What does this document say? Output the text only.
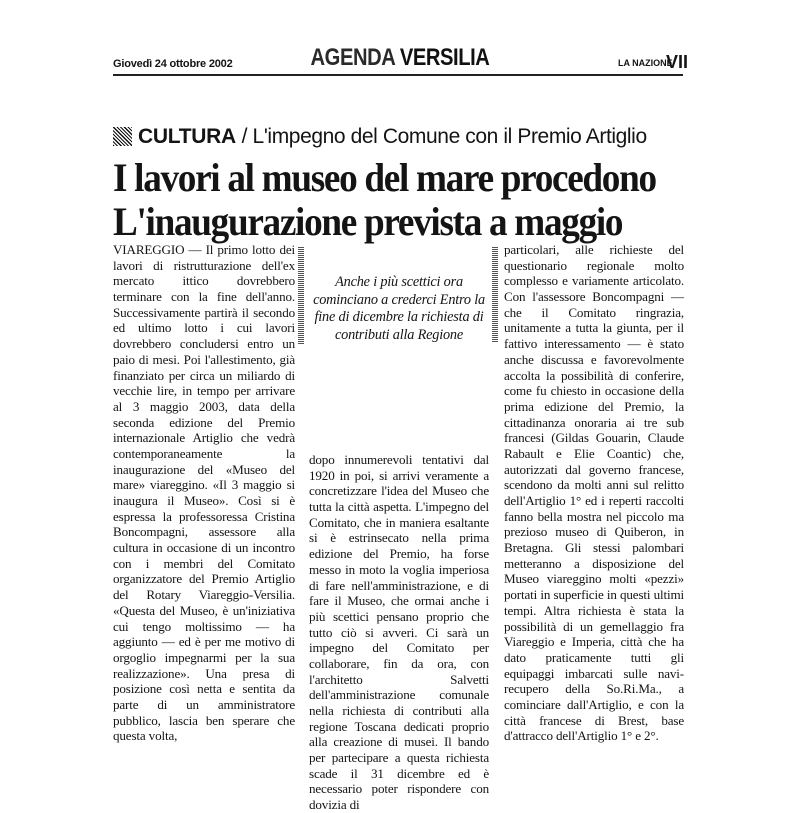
Giovedì 24 ottobre 2002	AGENDA VERSILIA	LA NAZIONE
VII
CULTURA / L'impegno del Comune con il Premio Artiglio
I lavori al museo del mare procedono
L'inaugurazione prevista a maggio

VIAREGGIO — Il primo lotto dei lavori di ristrutturazione dell'ex mercato ittico dovrebbero terminare con la fine dell'anno. Successivamente partirà il secondo ed ultimo lotto i cui lavori dovrebbero concludersi entro un paio di mesi. Poi l'allestimento, già finanziato per circa un miliardo di vecchie lire, in tempo per arrivare al 3 maggio 2003, data della seconda edizione del Premio internazionale Artiglio che vedrà contemporaneamente la inaugurazione del «Museo del mare» viareggino. «Il 3 maggio si inaugura il Museo». Così si è espressa la professoressa Cristina Boncompagni, assessore alla cultura in occasione di un incontro con i membri del Comitato organizzatore del Premio Artiglio del Rotary Viareggio-Versilia. «Questa del Museo, è un'iniziativa cui tengo moltissimo — ha aggiunto — ed è per me motivo di orgoglio impegnarmi per la sua realizzazione». Una presa di posizione così netta e sentita da parte di un amministratore pubblico, lascia ben sperare che questa volta,

Anche i più scettici ora cominciano a crederci Entro la fine di dicembre la richiesta di contributi alla Regione

dopo innumerevoli tentativi dal 1920 in poi, si arrivi veramente a concretizzare l'idea del Museo che tutta la città aspetta. L'impegno del Comitato, che in maniera esaltante si è estrinsecato nella prima edizione del Premio, ha forse messo in moto la voglia imperiosa di fare nell'amministrazione, e di fare il Museo, che ormai anche i più scettici pensano proprio che tutto ciò si avveri. Ci sarà un impegno del Comitato per collaborare, fin da ora, con l'architetto Salvetti dell'amministrazione comunale nella richiesta di contributi alla regione Toscana dedicati proprio alla creazione di musei. Il bando per partecipare a questa richiesta scade il 31 dicembre ed è necessario poter rispondere con dovizia di

particolari, alle richieste del questionario regionale molto complesso e variamente articolato. Con l'assessore Boncompagni — che il Comitato ringrazia, unitamente a tutta la giunta, per il fattivo interessamento — è stato anche discussa e favorevolmente accolta la possibilità di conferire, come fu chiesto in occasione della prima edizione del Premio, la cittadinanza onoraria ai tre sub francesi (Gildas Gouarin, Claude Rabault e Elie Coantic) che, autorizzati dal governo francese, scendono da molti anni sul relitto dell'Artiglio 1° ed i reperti raccolti fanno bella mostra nel piccolo ma prezioso museo di Quiberon, in Bretagna. Gli stessi palombari metteranno a disposizione del Museo viareggino molti «pezzi» portati in superficie in questi ultimi tempi. Altra richiesta è stata la possibilità di un gemellaggio fra Viareggio e Imperia, città che ha dato praticamente tutti gli equipaggi imbarcati sulle navi-recupero della So.Ri.Ma., a cominciare dall'Artiglio, e con la città francese di Brest, base d'attracco dell'Artiglio 1° e 2°.
